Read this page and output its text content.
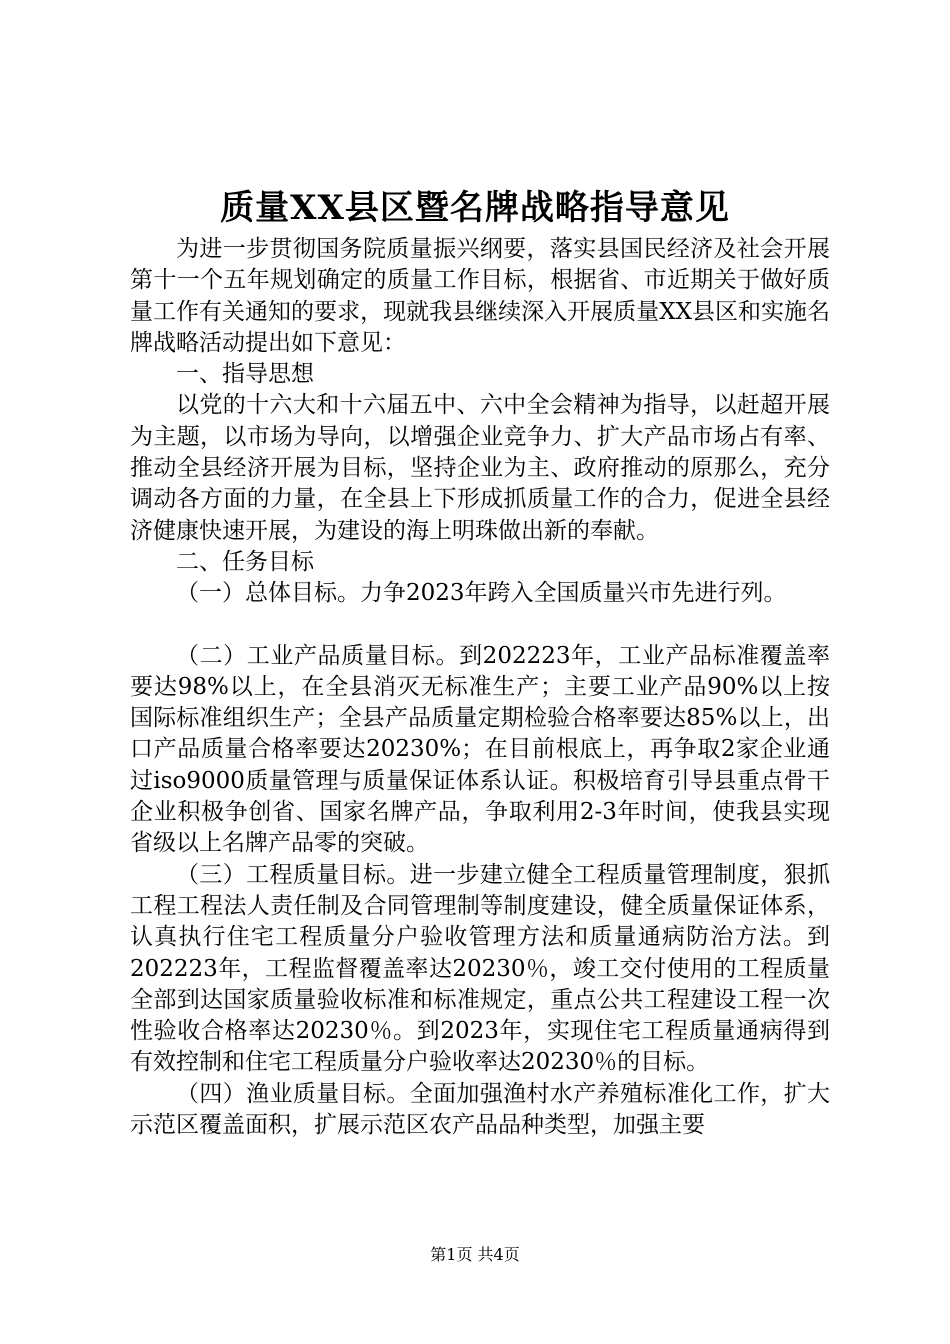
质量XX县区暨名牌战略指导意见

为进一步贯彻国务院质量振兴纲要，落实县国民经济及社会开展第十一个五年规划确定的质量工作目标，根据省、市近期关于做好质量工作有关通知的要求，现就我县继续深入开展质量XX县区和实施名牌战略活动提出如下意见：

一、指导思想

以党的十六大和十六届五中、六中全会精神为指导，以赶超开展为主题，以市场为导向，以增强企业竞争力、扩大产品市场占有率、推动全县经济开展为目标，坚持企业为主、政府推动的原那么，充分调动各方面的力量，在全县上下形成抓质量工作的合力，促进全县经济健康快速开展，为建设的海上明珠做出新的奉献。

二、任务目标

（一）总体目标。力争2023年跨入全国质量兴市先进行列。

（二）工业产品质量目标。到202223年，工业产品标准覆盖率要达98%以上，在全县消灭无标准生产；主要工业产品90%以上按国际标准组织生产；全县产品质量定期检验合格率要达85%以上，出口产品质量合格率要达20230%；在目前根底上，再争取2家企业通过iso9000质量管理与质量保证体系认证。积极培育引导县重点骨干企业积极争创省、国家名牌产品，争取利用2-3年时间，使我县实现省级以上名牌产品零的突破。

（三）工程质量目标。进一步建立健全工程质量管理制度，狠抓工程工程法人责任制及合同管理制等制度建设，健全质量保证体系，认真执行住宅工程质量分户验收管理方法和质量通病防治方法。到202223年，工程监督覆盖率达20230％，竣工交付使用的工程质量全部到达国家质量验收标准和标准规定，重点公共工程建设工程一次性验收合格率达20230％。到2023年，实现住宅工程质量通病得到有效控制和住宅工程质量分户验收率达20230％的目标。

（四）渔业质量目标。全面加强渔村水产养殖标准化工作，扩大示范区覆盖面积，扩展示范区农产品品种类型，加强主要

第1页 共4页
